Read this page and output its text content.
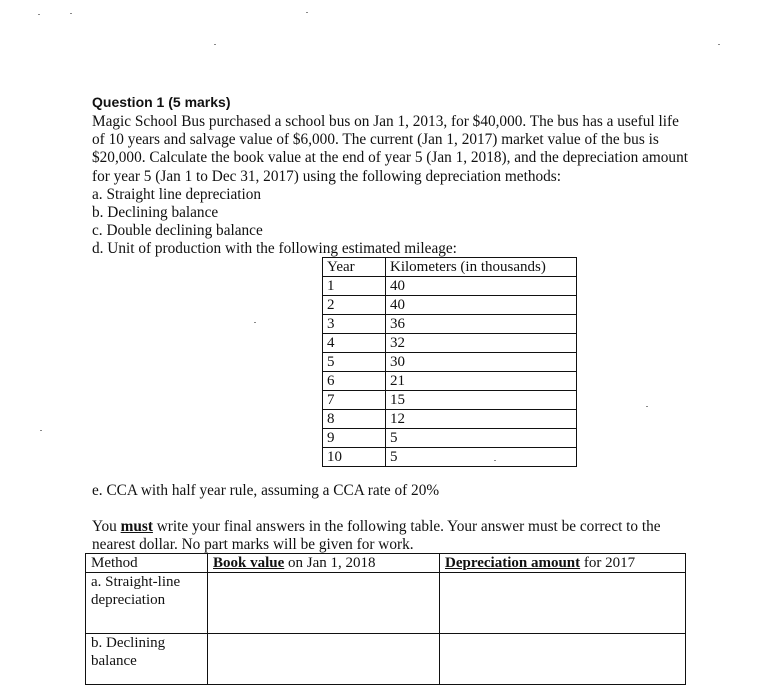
Question 1 (5 marks)
Magic School Bus purchased a school bus on Jan 1, 2013, for $40,000. The bus has a useful life
of 10 years and salvage value of $6,000. The current (Jan 1, 2017) market value of the bus is
$20,000. Calculate the book value at the end of year 5 (Jan 1, 2018), and the depreciation amount
for year 5 (Jan 1 to Dec 31, 2017) using the following depreciation methods:
a. Straight line depreciation
b. Declining balance
c. Double declining balance
d. Unit of production with the following estimated mileage:
Year	Kilometers (in thousands)
1	40
2	40
3	36
4	32
5	30
6	21
7	15
8	12
9	5
10	5
e. CCA with half year rule, assuming a CCA rate of 20%
You must write your final answers in the following table. Your answer must be correct to the
nearest dollar. No part marks will be given for work.
Method	Book value on Jan 1, 2018	Depreciation amount for 2017
a. Straight-line
depreciation		
b. Declining
balance		
